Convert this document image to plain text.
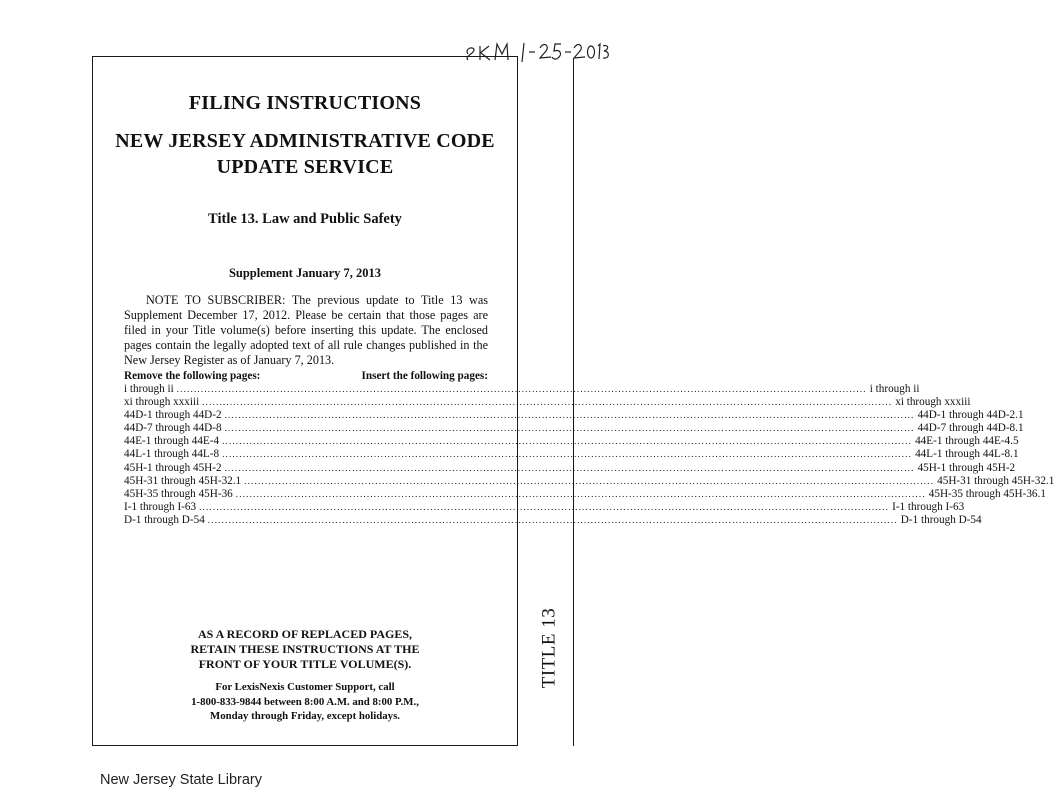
TITLE 13
FILING INSTRUCTIONS
NEW JERSEY ADMINISTRATIVE CODE
UPDATE SERVICE
Title 13. Law and Public Safety
Supplement January 7, 2013
NOTE TO SUBSCRIBER: The previous update to Title 13 was Supplement December 17, 2012. Please be certain that those pages are filed in your Title volume(s) before inserting this update. The enclosed pages contain the legally adopted text of all rule changes published in the New Jersey Register as of January 7, 2013.
Remove the following pages:	Insert the following pages:
i through ii ........................................................................................................................................................................................................ i through ii
xi through xxxiii ........................................................................................................................................................................................................ xi through xxxiii
44D-1 through 44D-2 ........................................................................................................................................................................................................ 44D-1 through 44D-2.1
44D-7 through 44D-8 ........................................................................................................................................................................................................ 44D-7 through 44D-8.1
44E-1 through 44E-4 ........................................................................................................................................................................................................ 44E-1 through 44E-4.5
44L-1 through 44L-8 ........................................................................................................................................................................................................ 44L-1 through 44L-8.1
45H-1 through 45H-2 ........................................................................................................................................................................................................ 45H-1 through 45H-2
45H-31 through 45H-32.1 ........................................................................................................................................................................................................ 45H-31 through 45H-32.1
45H-35 through 45H-36 ........................................................................................................................................................................................................ 45H-35 through 45H-36.1
I-1 through I-63 ........................................................................................................................................................................................................ I-1 through I-63
D-1 through D-54 ........................................................................................................................................................................................................ D-1 through D-54
AS A RECORD OF REPLACED PAGES,
RETAIN THESE INSTRUCTIONS AT THE
FRONT OF YOUR TITLE VOLUME(S).
For LexisNexis Customer Support, call
1-800-833-9844 between 8:00 A.M. and 8:00 P.M.,
Monday through Friday, except holidays.
New Jersey State Library
